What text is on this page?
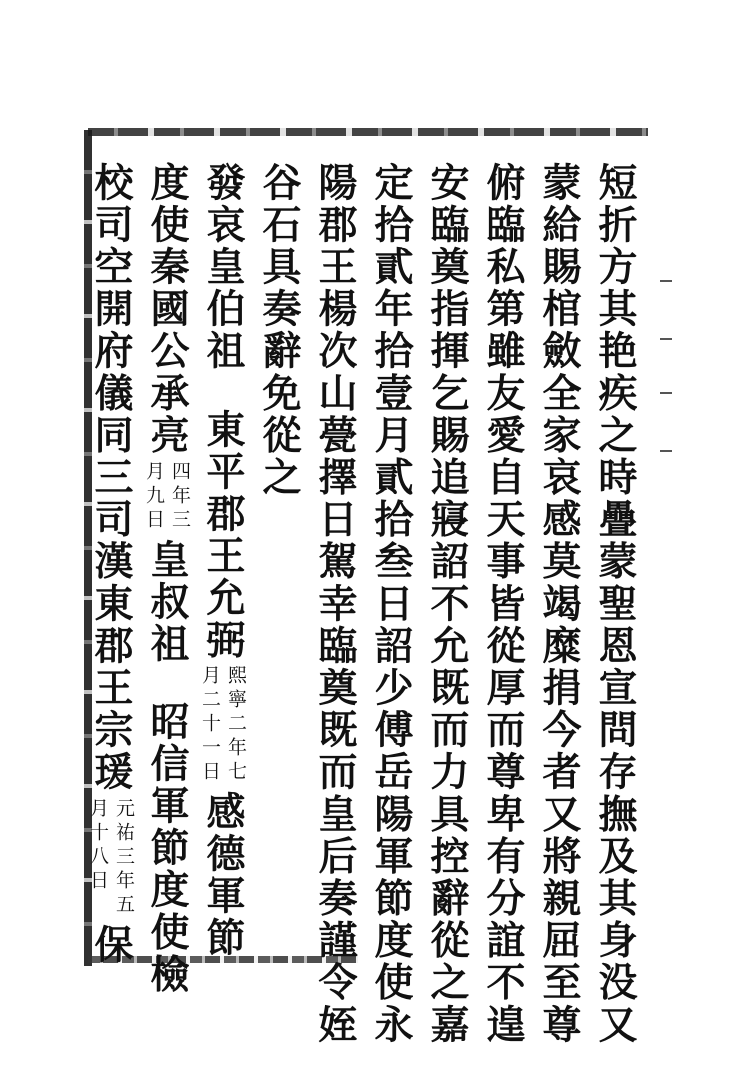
短折方其艳疾之時疊蒙聖恩宣問存撫及其身没又
蒙給賜棺斂全家哀感莫竭糜捐今者又將親屈至尊
俯臨私第雖友愛自天事皆從厚而尊卑有分誼不遑
安臨奠指揮乞賜追寢詔不允既而力具控辭從之嘉
定拾貳年拾壹月貳拾叁日詔少傅岳陽軍節度使永
陽郡王楊次山甍擇日駕幸臨奠既而皇后奏謹令姪
谷石具奏辭免從之
發哀皇伯祖
東平郡王允弼
熙寧二年七
月二十一日
感德軍節
度使秦國公承亮
四年三
月九日
皇叔祖
昭信軍節度使檢
校司空開府儀同三司漢東郡王宗
瑗
元祐三年五
月十八日
保
